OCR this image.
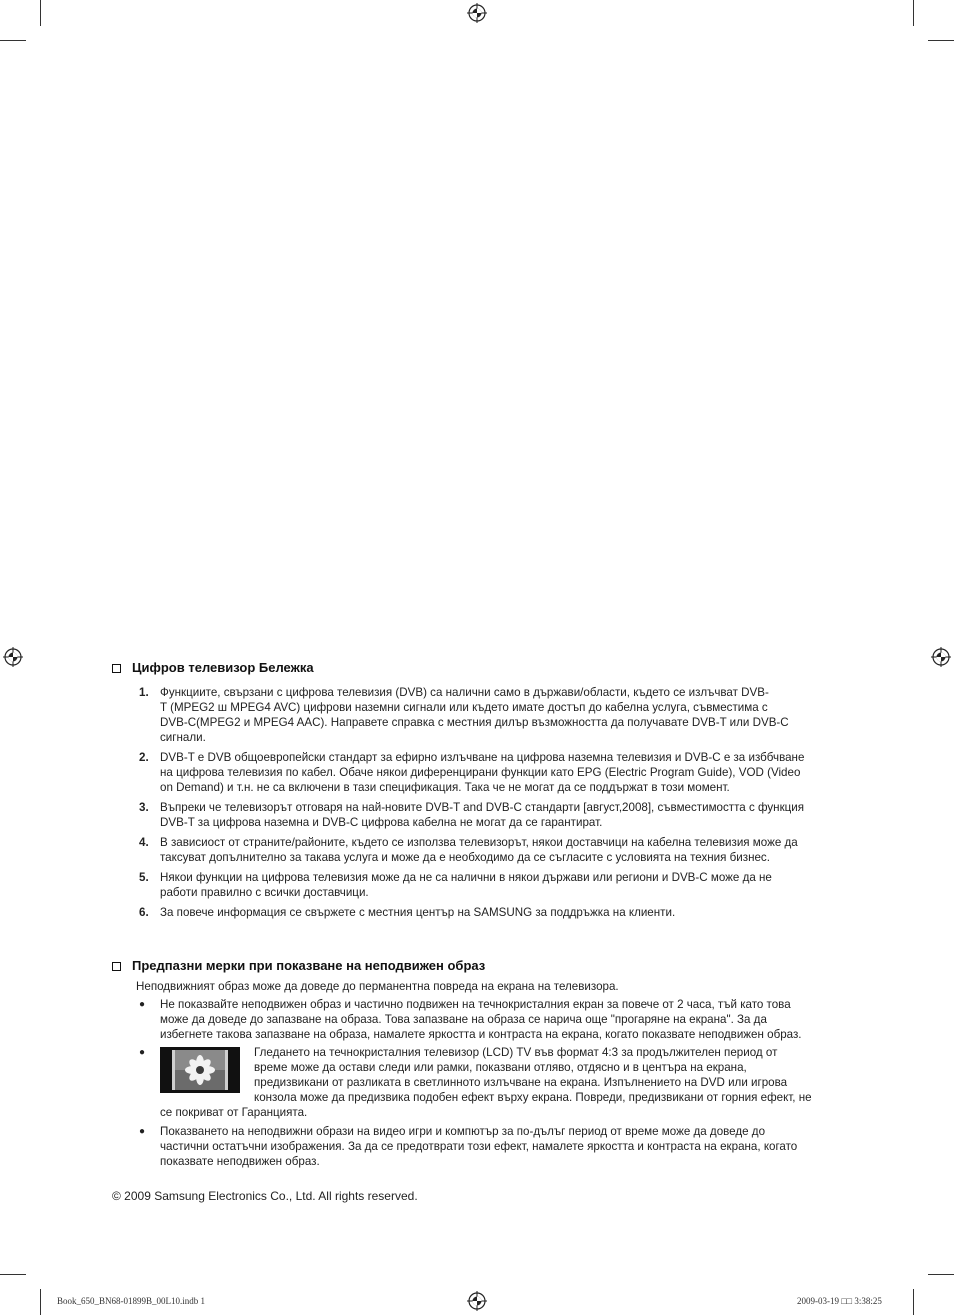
Цифров телевизор Бележка
1. Функциите, свързани с цифрова телевизия (DVB) са налични само в държави/области, където се излъчват DVB-
T (MPEG2 ш MPEG4 AVC) цифрови наземни сигнали или където имате достъп до кабелна услуга, съвместима с
DVB-C(MPEG2 и MPEG4 AAC). Направете справка с местния дилър възможността да получавате DVB-T или DVB-C
сигнали.
2. DVB-T е DVB общоевропейски стандарт за ефирно излъчване на цифрова наземна телевизия и DVB-C е за изббчване
на цифрова телевизия по кабел. Обаче някои диференцирани функции като EPG (Electric Program Guide), VOD (Video
on Demand) и т.н. не са включени в тази спецификация. Така че не могат да се поддържат в този момент.
3. Въпреки че телевизорът отговаря на най-новите DVB-T and DVB-C стандарти [август,2008], съвместимостта с функция
DVB-T за цифрова наземна и DVB-C цифрова кабелна не могат да се гарантират.
4. В зависиост от страните/районите, където се използва телевизорът, някои доставчици на кабелна телевизия може да
таксуват допълнително за такава услуга и може да е необходимо да се съгласите с условията на техния бизнес.
5. Някои функции на цифрова телевизия може да не са налични в някои държави или региони и DVB-C може да не
работи правилно с всички доставчици.
6. За повече информация се свържете с местния център на SAMSUNG за поддръжка на клиенти.
Предпазни мерки при показване на неподвижен образ
Неподвижният образ може да доведе до перманентна повреда на екрана на телевизора.
● Не показвайте неподвижен образ и частично подвижен на течнокристалния екран за повече от 2 часа, тъй като това
може да доведе до запазване на образа. Това запазване на образа се нарича още "прогаряне на екрана". За да
избегнете такова запазване на образа, намалете яркостта и контраста на екрана, когато показвате неподвижен образ.
●	Гледането на течнокристалния телевизор (LCD) TV във формат 4:3 за продължителен период от
време може да остави следи или рамки, показвани отляво, отдясно и в центъра на екрана,
предизвикани от разликата в светлинното излъчване на екрана. Изпълнението на DVD или игрова
конзола може да предизвика подобен ефект върху екрана. Повреди, предизвикани от горния ефект, не
се покриват от Гаранцията.
● Показването на неподвижни образи на видео игри и компютър за по-дълъг период от време може да доведе до
частични остатъчни изображения. За да се предотврати този ефект, намалете яркостта и контраста на екрана, когато
показвате неподвижен образ.
© 2009 Samsung Electronics Co., Ltd. All rights reserved.
Book_650_BN68-01899B_00L10.indb 1	2009-03-19 □□ 3:38:25
